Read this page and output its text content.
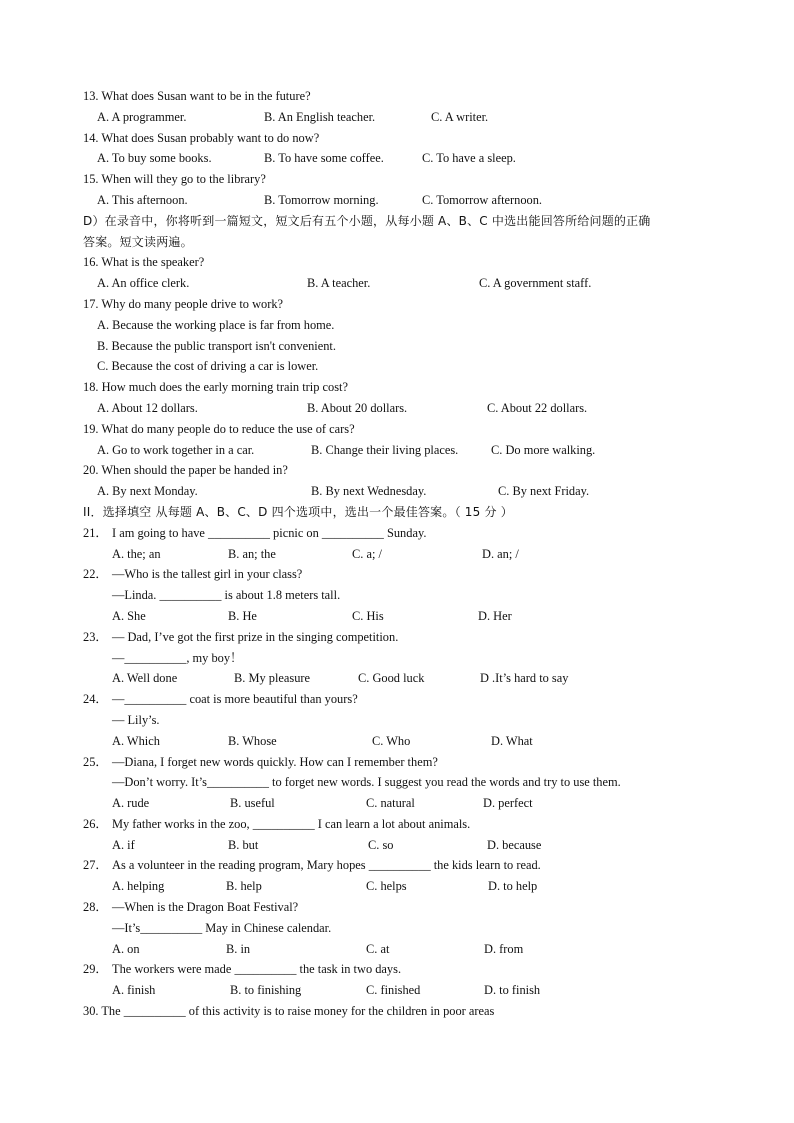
13. What does Susan want to be in the future?
A. A programmer.	B. An English teacher.	C. A writer.
14. What does Susan probably want to do now?
A. To buy some books.	B. To have some coffee.	C. To have a sleep.
15. When will they go to the library?
A. This afternoon.	B. Tomorrow morning.	C. Tomorrow afternoon.
D）在录音中，你将听到一篇短文，短文后有五个小题，从每小题 A、B、C 中选出能回答所给问题的正确
答案。短文读两遍。
16. What is the speaker?
A. An office clerk.	B. A teacher.	C. A government staff.
17. Why do many people drive to work?
A. Because the working place is far from home.
B. Because the public transport isn't convenient.
C. Because the cost of driving a car is lower.
18. How much does the early morning train trip cost?
A. About 12 dollars.	B. About 20 dollars.	C. About 22 dollars.
19. What do many people do to reduce the use of cars?
A. Go to work together in a car.	B. Change their living places.	C. Do more walking.
20. When should the paper be handed in?
A. By next Monday.	B. By next Wednesday.	C. By next Friday.
II．选择填空 从每题 A、B、C、D 四个选项中，选出一个最佳答案。（ 15 分 ）
21． I am going to have __________ picnic on __________ Sunday.
A. the; an	B. an; the	C. a; /	D. an; /
22． —Who is the tallest girl in your class?
—Linda. __________ is about 1.8 meters tall.
A. She	B. He	C. His	D. Her
23． — Dad, I’ve got the first prize in the singing competition.
—__________, my boy！
A. Well done	B. My pleasure	C. Good luck	D .It’s hard to say
24． —__________ coat is more beautiful than yours?
— Lily’s.
A. Which	B. Whose	C. Who	D. What
25． —Diana, I forget new words quickly. How can I remember them?
—Don’t worry. It’s__________ to forget new words. I suggest you read the words and try to use them.
A. rude	B. useful	C. natural	D. perfect
26． My father works in the zoo, __________ I can learn a lot about animals.
A. if	B. but	C. so	D. because
27． As a volunteer in the reading program, Mary hopes __________ the kids learn to read.
A. helping	B. help	C. helps	D. to help
28． —When is the Dragon Boat Festival?
—It’s__________ May in Chinese calendar.
A. on	B. in	C. at	D. from
29． The workers were made __________ the task in two days.
A. finish	B. to finishing	C. finished	D. to finish
30. The __________ of this activity is to raise money for the children in poor areas
